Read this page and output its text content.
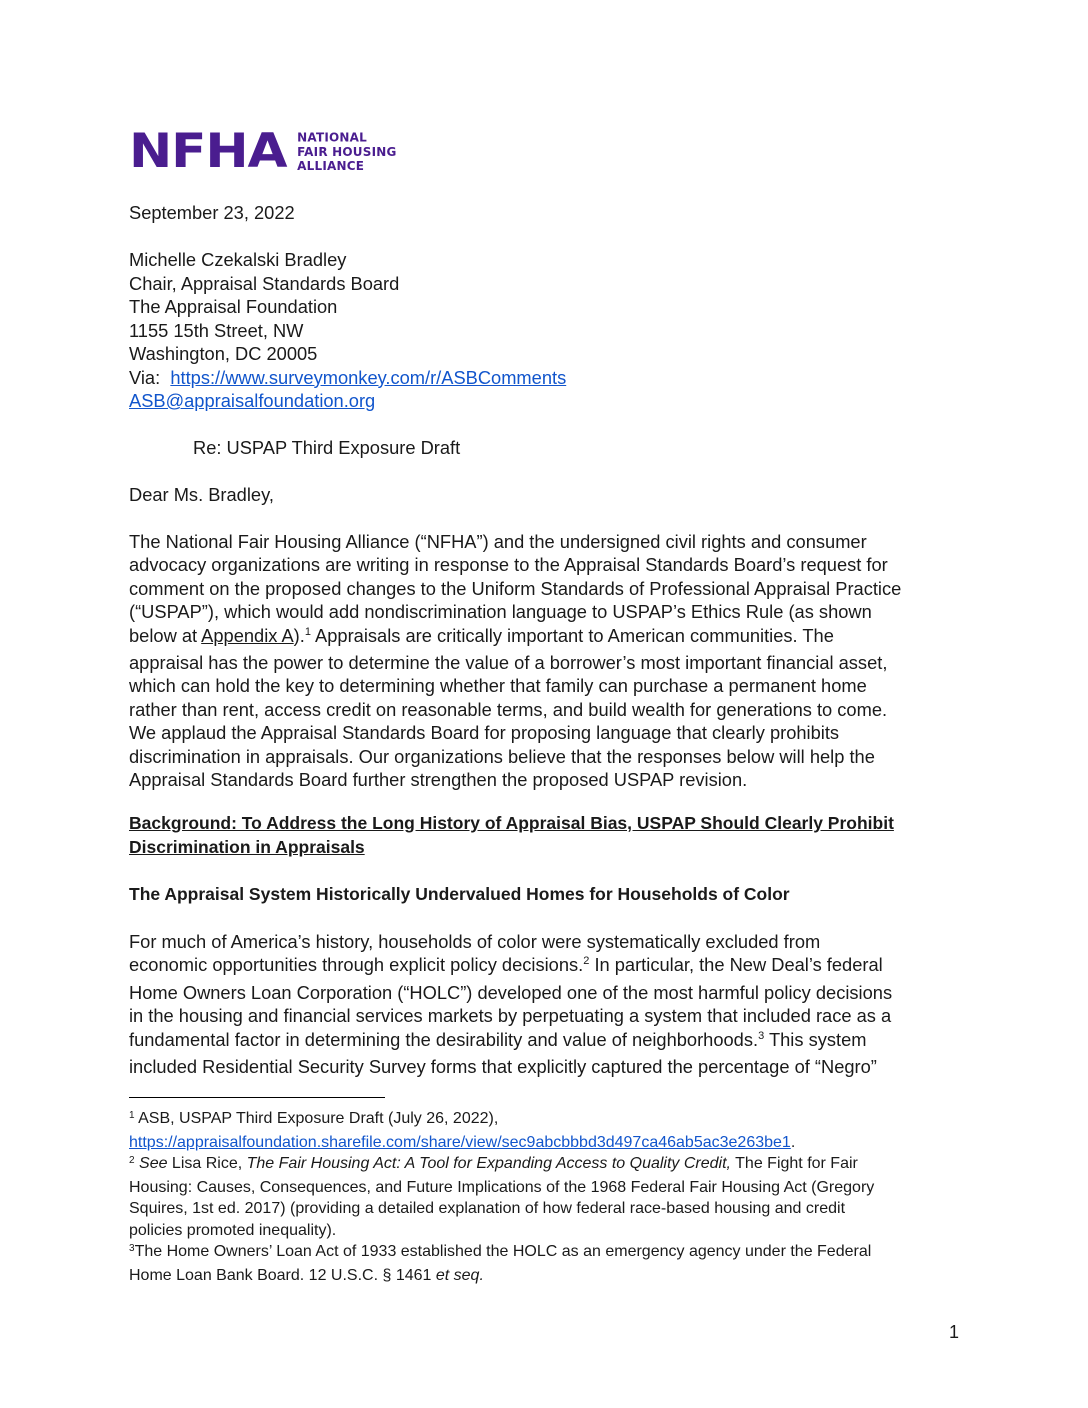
NFHA NATIONAL
FAIR HOUSING
ALLIANCE
September 23, 2022
Michelle Czekalski Bradley
Chair, Appraisal Standards Board
The Appraisal Foundation
1155 15th Street, NW
Washington, DC 20005
Via: https://www.surveymonkey.com/r/ASBComments
ASB@appraisalfoundation.org
Re: USPAP Third Exposure Draft
Dear Ms. Bradley,
The National Fair Housing Alliance (“NFHA”) and the undersigned civil rights and consumer
advocacy organizations are writing in response to the Appraisal Standards Board’s request for
comment on the proposed changes to the Uniform Standards of Professional Appraisal Practice
(“USPAP”), which would add nondiscrimination language to USPAP’s Ethics Rule (as shown
below at Appendix A).$^1$ Appraisals are critically important to American communities. The
appraisal has the power to determine the value of a borrower’s most important financial asset,
which can hold the key to determining whether that family can purchase a permanent home
rather than rent, access credit on reasonable terms, and build wealth for generations to come.
We applaud the Appraisal Standards Board for proposing language that clearly prohibits
discrimination in appraisals. Our organizations believe that the responses below will help the
Appraisal Standards Board further strengthen the proposed USPAP revision.
Background: To Address the Long History of Appraisal Bias, USPAP Should Clearly Prohibit
Discrimination in Appraisals
The Appraisal System Historically Undervalued Homes for Households of Color
For much of America’s history, households of color were systematically excluded from
economic opportunities through explicit policy decisions.$^2$ In particular, the New Deal’s federal
Home Owners Loan Corporation (“HOLC”) developed one of the most harmful policy decisions
in the housing and financial services markets by perpetuating a system that included race as a
fundamental factor in determining the desirability and value of neighborhoods.$^3$ This system
included Residential Security Survey forms that explicitly captured the percentage of “Negro”
$^1$ ASB, USPAP Third Exposure Draft (July 26, 2022),
https://appraisalfoundation.sharefile.com/share/view/sec9abcbbbd3d497ca46ab5ac3e263be1.
$^2$ See Lisa Rice, The Fair Housing Act: A Tool for Expanding Access to Quality Credit, The Fight for Fair
Housing: Causes, Consequences, and Future Implications of the 1968 Federal Fair Housing Act (Gregory
Squires, 1st ed. 2017) (providing a detailed explanation of how federal race-based housing and credit
policies promoted inequality).
$^3$The Home Owners’ Loan Act of 1933 established the HOLC as an emergency agency under the Federal
Home Loan Bank Board. 12 U.S.C. § 1461 et seq.
1
